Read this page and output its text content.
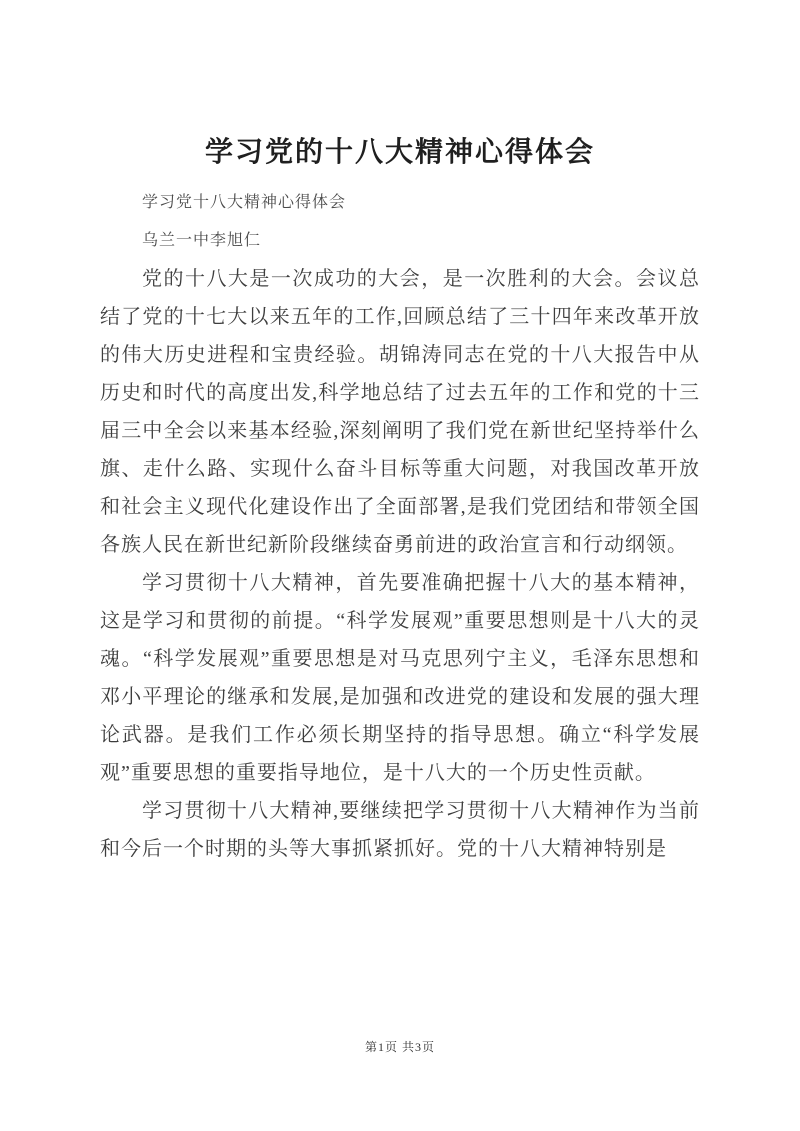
学习党的十八大精神心得体会

学习党十八大精神心得体会

乌兰一中李旭仁

党的十八大是一次成功的大会，是一次胜利的大会。会议总结了党的十七大以来五年的工作,回顾总结了三十四年来改革开放的伟大历史进程和宝贵经验。胡锦涛同志在党的十八大报告中从历史和时代的高度出发,科学地总结了过去五年的工作和党的十三届三中全会以来基本经验,深刻阐明了我们党在新世纪坚持举什么旗、走什么路、实现什么奋斗目标等重大问题，对我国改革开放和社会主义现代化建设作出了全面部署,是我们党团结和带领全国各族人民在新世纪新阶段继续奋勇前进的政治宣言和行动纲领。

学习贯彻十八大精神，首先要准确把握十八大的基本精神，这是学习和贯彻的前提。“科学发展观”重要思想则是十八大的灵魂。“科学发展观”重要思想是对马克思列宁主义，毛泽东思想和邓小平理论的继承和发展,是加强和改进党的建设和发展的强大理论武器。是我们工作必须长期坚持的指导思想。确立“科学发展观”重要思想的重要指导地位，是十八大的一个历史性贡献。

学习贯彻十八大精神,要继续把学习贯彻十八大精神作为当前和今后一个时期的头等大事抓紧抓好。党的十八大精神特别是

第1页 共3页
